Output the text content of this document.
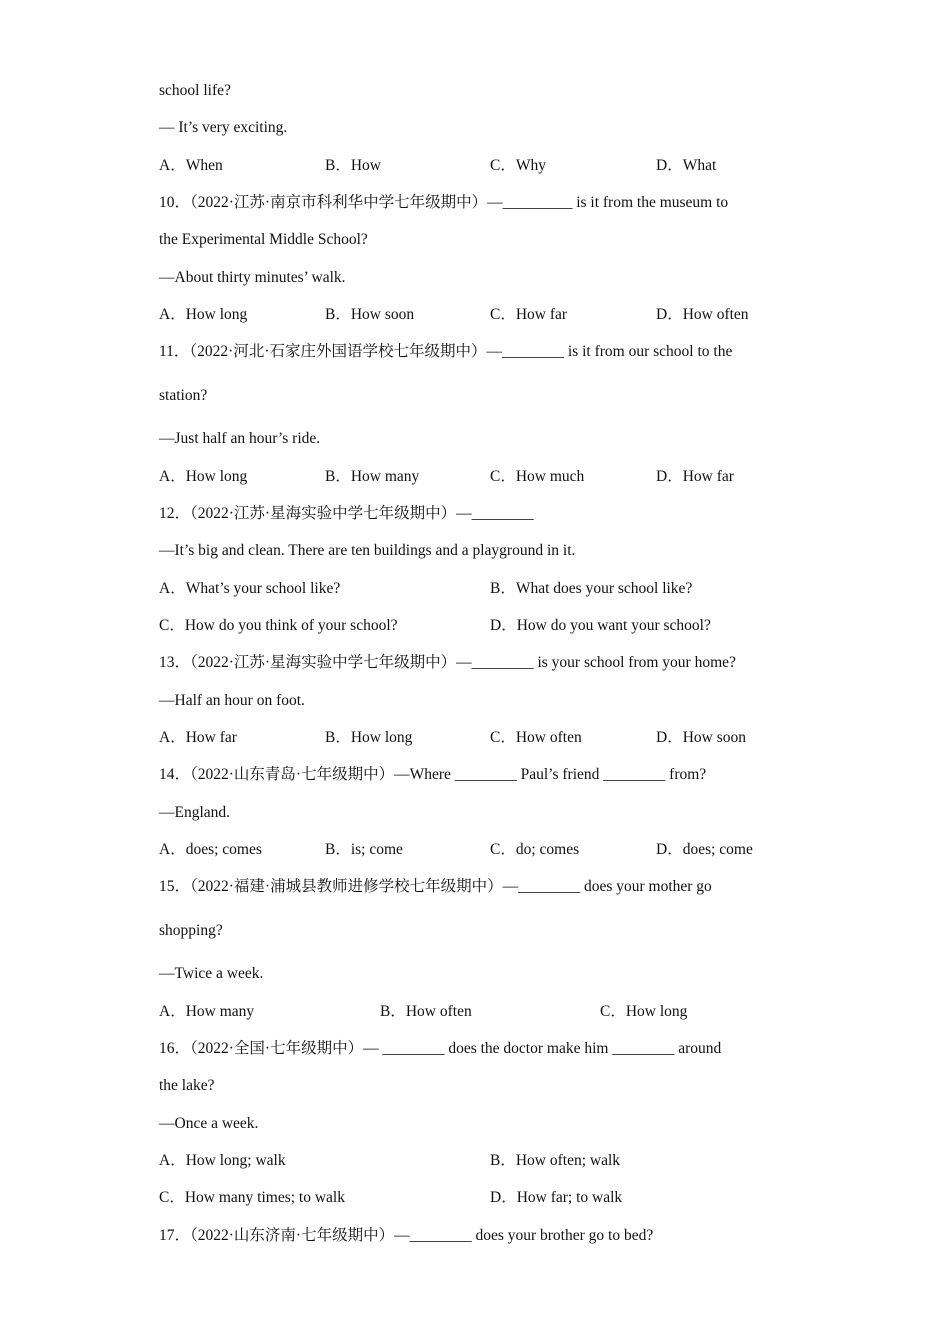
school life?
— It’s very exciting.
A．When	B．How	C．Why	D．What
10．（2022·江苏·南京市科利华中学七年级期中）—_________ is it from the museum to
the Experimental Middle School?
—About thirty minutes’ walk.
A．How long	B．How soon	C．How far	D．How often
11．（2022·河北·石家庄外国语学校七年级期中）—________ is it from our school to the
station?
—Just half an hour’s ride.
A．How long	B．How many	C．How much	D．How far
12．（2022·江苏·星海实验中学七年级期中）—________
—It’s big and clean. There are ten buildings and a playground in it.
A．What’s your school like?	B．What does your school like?
C．How do you think of your school?	D．How do you want your school?
13．（2022·江苏·星海实验中学七年级期中）—________ is your school from your home?
—Half an hour on foot.
A．How far	B．How long	C．How often	D．How soon
14．（2022·山东青岛·七年级期中）—Where ________ Paul’s friend ________ from?
—England.
A．does; comes	B．is; come	C．do; comes	D．does; come
15．（2022·福建·浦城县教师进修学校七年级期中）—________ does your mother go
shopping?
—Twice a week.
A．How many	B．How often	C．How long
16．（2022·全国·七年级期中）— ________ does the doctor make him ________ around
the lake?
—Once a week.
A．How long; walk	B．How often; walk
C．How many times; to walk	D．How far; to walk
17．（2022·山东济南·七年级期中）—________ does your brother go to bed?
